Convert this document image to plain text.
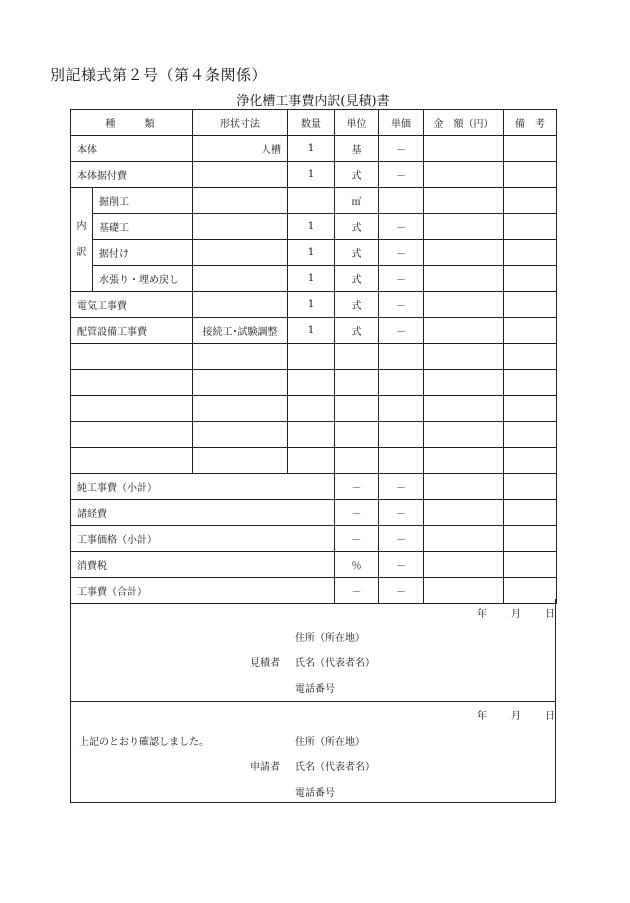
別記様式第２号（第４条関係）
浄化槽工事費内訳(見積)書
種　　類		形状寸法	数量	単位	単価	金　額（円）	備　考
本体		人槽	1	基	－		
本体据付費			1	式	－		

内
訳	掘削工			㎥			
	基礎工		1	式	－		
	据付け		1	式	－		
	水張り・埋め戻し		1	式	－		
電気工事費			1	式	－		
配管設備工事費		接続工･試験調整	1	式	－		

純工事費（小計）				－	－		
諸経費				－	－		
工事価格（小計）				－	－		
消費税				％	－		
工事費（合計）				－	－		
年 月 日
住所（所在地）
見積者 氏名（代表者名）
電話番号
年 月 日
上記のとおり確認しました。	住所（所在地）
申請者 氏名（代表者名）
電話番号
